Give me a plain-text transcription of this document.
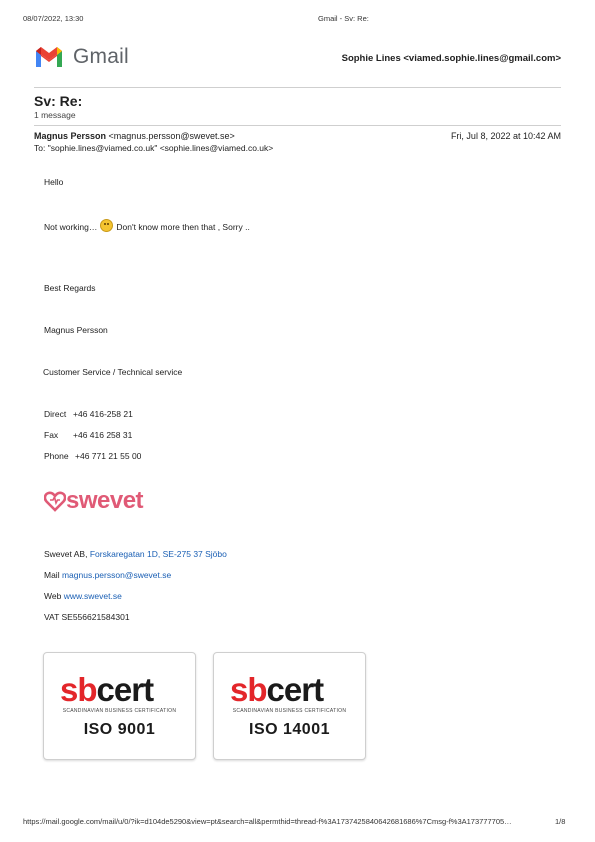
08/07/2022, 13:30	Gmail - Sv: Re:
Gmail	Sophie Lines <viamed.sophie.lines@gmail.com>
Sv: Re:
1 message
Magnus Persson <magnus.persson@swevet.se>	Fri, Jul 8, 2022 at 10:42 AM
To: "sophie.lines@viamed.co.uk" <sophie.lines@viamed.co.uk>
Hello
Not working… Don't know more then that , Sorry ..
Best Regards
Magnus Persson
Customer Service / Technical service
Direct +46 416-258 21
Fax +46 416 258 31
Phone +46 771 21 55 00
swevet
Swevet AB, Forskaregatan 1D, SE-275 37 Sjöbo
Mail magnus.persson@swevet.se
Web www.swevet.se
VAT SE556621584301
sbcert
SCANDINAVIAN BUSINESS CERTIFICATION
ISO 9001
sbcert
SCANDINAVIAN BUSINESS CERTIFICATION
ISO 14001
https://mail.google.com/mail/u/0/?ik=d104de5290&view=pt&search=all&permthid=thread-f%3A1737425840642681686%7Cmsg-f%3A173777705…	1/8
